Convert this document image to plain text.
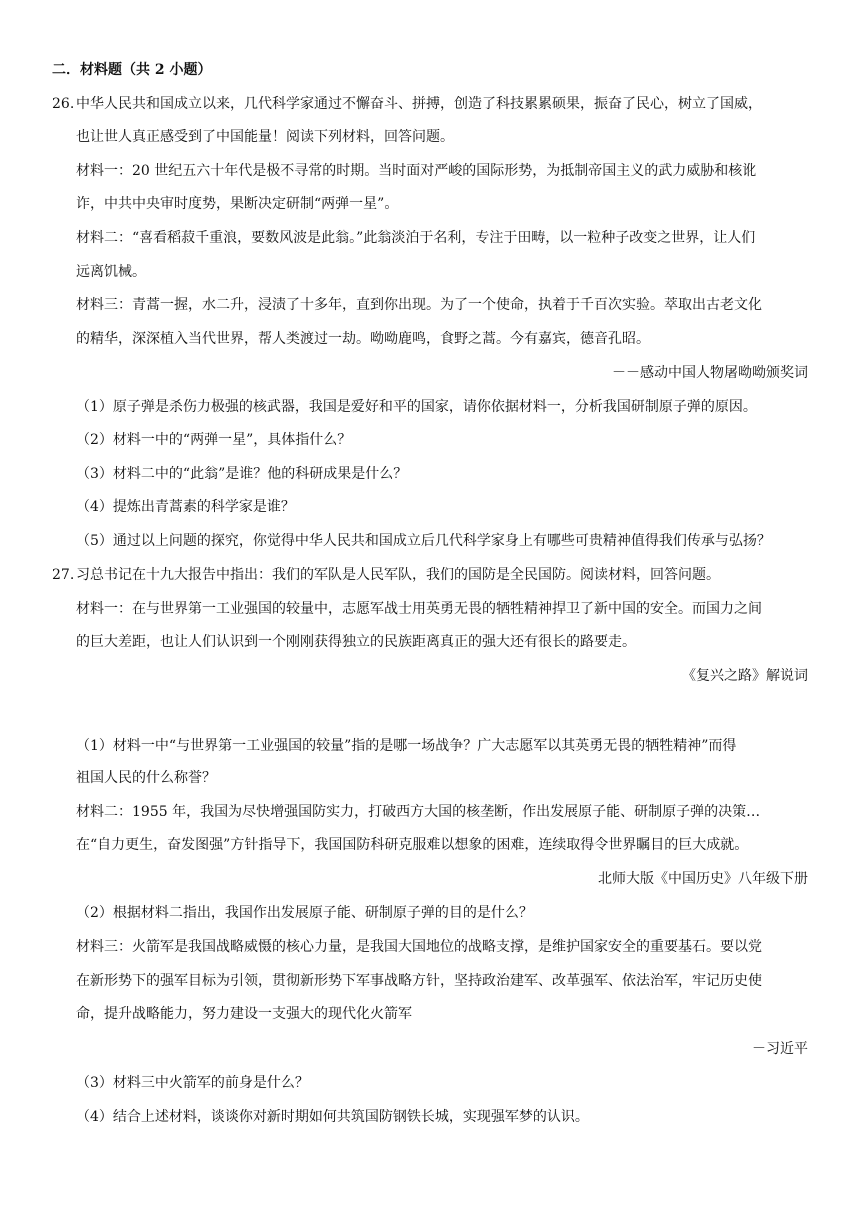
二．材料题（共 2 小题）
26. 中华人民共和国成立以来，几代科学家通过不懈奋斗、拼搏，创造了科技累累硕果，振奋了民心，树立了国威，
也让世人真正感受到了中国能量！阅读下列材料，回答问题。
材料一：20 世纪五六十年代是极不寻常的时期。当时面对严峻的国际形势，为抵制帝国主义的武力威胁和核讹
诈，中共中央审时度势，果断决定研制“两弹一星”。
材料二：“喜看稻菽千重浪，要数风波是此翁。”此翁淡泊于名利，专注于田畴，以一粒种子改变之世界，让人们
远离饥械。
材料三：青蒿一握，水二升，浸渍了十多年，直到你出现。为了一个使命，执着于千百次实验。萃取出古老文化
的精华，深深植入当代世界，帮人类渡过一劫。呦呦鹿鸣，食野之蒿。今有嘉宾，德音孔昭。
－－感动中国人物屠呦呦颁奖词
（1）原子弹是杀伤力极强的核武器，我国是爱好和平的国家，请你依据材料一，分析我国研制原子弹的原因。
（2）材料一中的“两弹一星”，具体指什么？
（3）材料二中的“此翁”是谁？他的科研成果是什么？
（4）提炼出青蒿素的科学家是谁？
（5）通过以上问题的探究，你觉得中华人民共和国成立后几代科学家身上有哪些可贵精神值得我们传承与弘扬？
27. 习总书记在十九大报告中指出：我们的军队是人民军队，我们的国防是全民国防。阅读材料，回答问题。
材料一：在与世界第一工业强国的较量中，志愿军战士用英勇无畏的牺牲精神捍卫了新中国的安全。而国力之间
的巨大差距，也让人们认识到一个刚刚获得独立的民族距离真正的强大还有很长的路要走。
《复兴之路》解说词
（1）材料一中“与世界第一工业强国的较量”指的是哪一场战争？广大志愿军以其英勇无畏的牺牲精神”而得
祖国人民的什么称誉？
材料二：1955 年，我国为尽快增强国防实力，打破西方大国的核垄断，作出发展原子能、研制原子弹的决策…
在“自力更生，奋发图强”方针指导下，我国国防科研克服难以想象的困难，连续取得令世界瞩目的巨大成就。
北师大版《中国历史》八年级下册
（2）根据材料二指出，我国作出发展原子能、研制原子弹的目的是什么？
材料三：火箭军是我国战略威慑的核心力量，是我国大国地位的战略支撑，是维护国家安全的重要基石。要以党
在新形势下的强军目标为引领，贯彻新形势下军事战略方针，坚持政治建军、改革强军、依法治军，牢记历史使
命，提升战略能力，努力建设一支强大的现代化火箭军
－习近平
（3）材料三中火箭军的前身是什么？
（4）结合上述材料，谈谈你对新时期如何共筑国防钢铁长城，实现强军梦的认识。
